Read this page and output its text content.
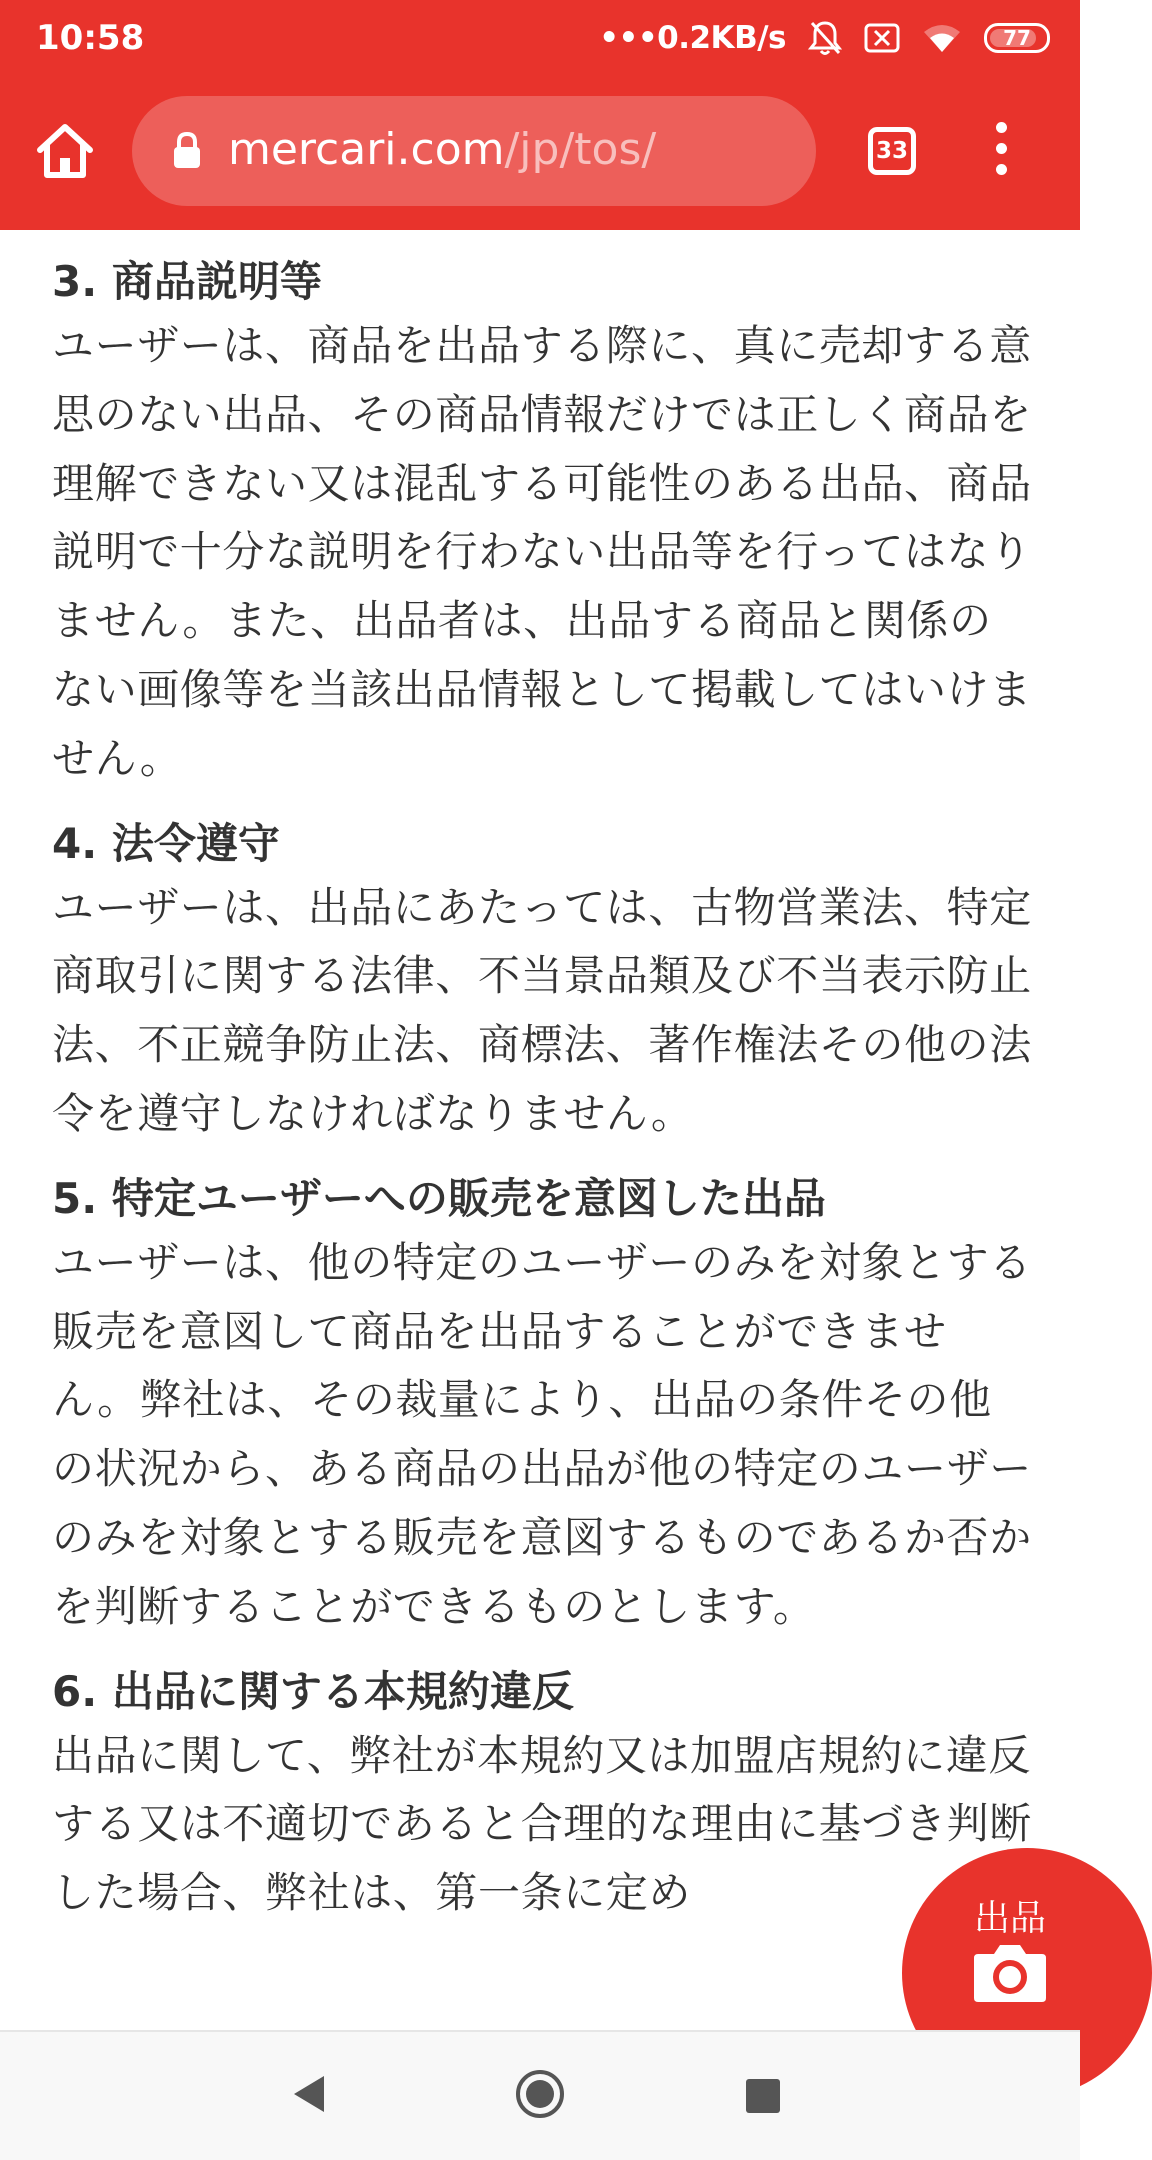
10:58	•••0.2KB/s	77
mercari.com/jp/tos/	33
3. 商品説明等

ユーザーは、商品を出品する際に、真に売却する意思のない出品、その商品情報だけでは正しく商品を理解できない又は混乱する可能性のある出品、商品説明で十分な説明を行わない出品等を行ってはなりません。また、出品者は、出品する商品と関係のない画像等を当該出品情報として掲載してはいけません。

4. 法令遵守

ユーザーは、出品にあたっては、古物営業法、特定商取引に関する法律、不当景品類及び不当表示防止法、不正競争防止法、商標法、著作権法その他の法令を遵守しなければなりません。

5. 特定ユーザーへの販売を意図した出品

ユーザーは、他の特定のユーザーのみを対象とする販売を意図して商品を出品することができません。弊社は、その裁量により、出品の条件その他の状況から、ある商品の出品が他の特定のユーザーのみを対象とする販売を意図するものであるか否かを判断することができるものとします。

6. 出品に関する本規約違反

出品に関して、弊社が本規約又は加盟店規約に違反する又は不適切であると合理的な理由に基づき判断した場合、弊社は、第一条に定め

出品
